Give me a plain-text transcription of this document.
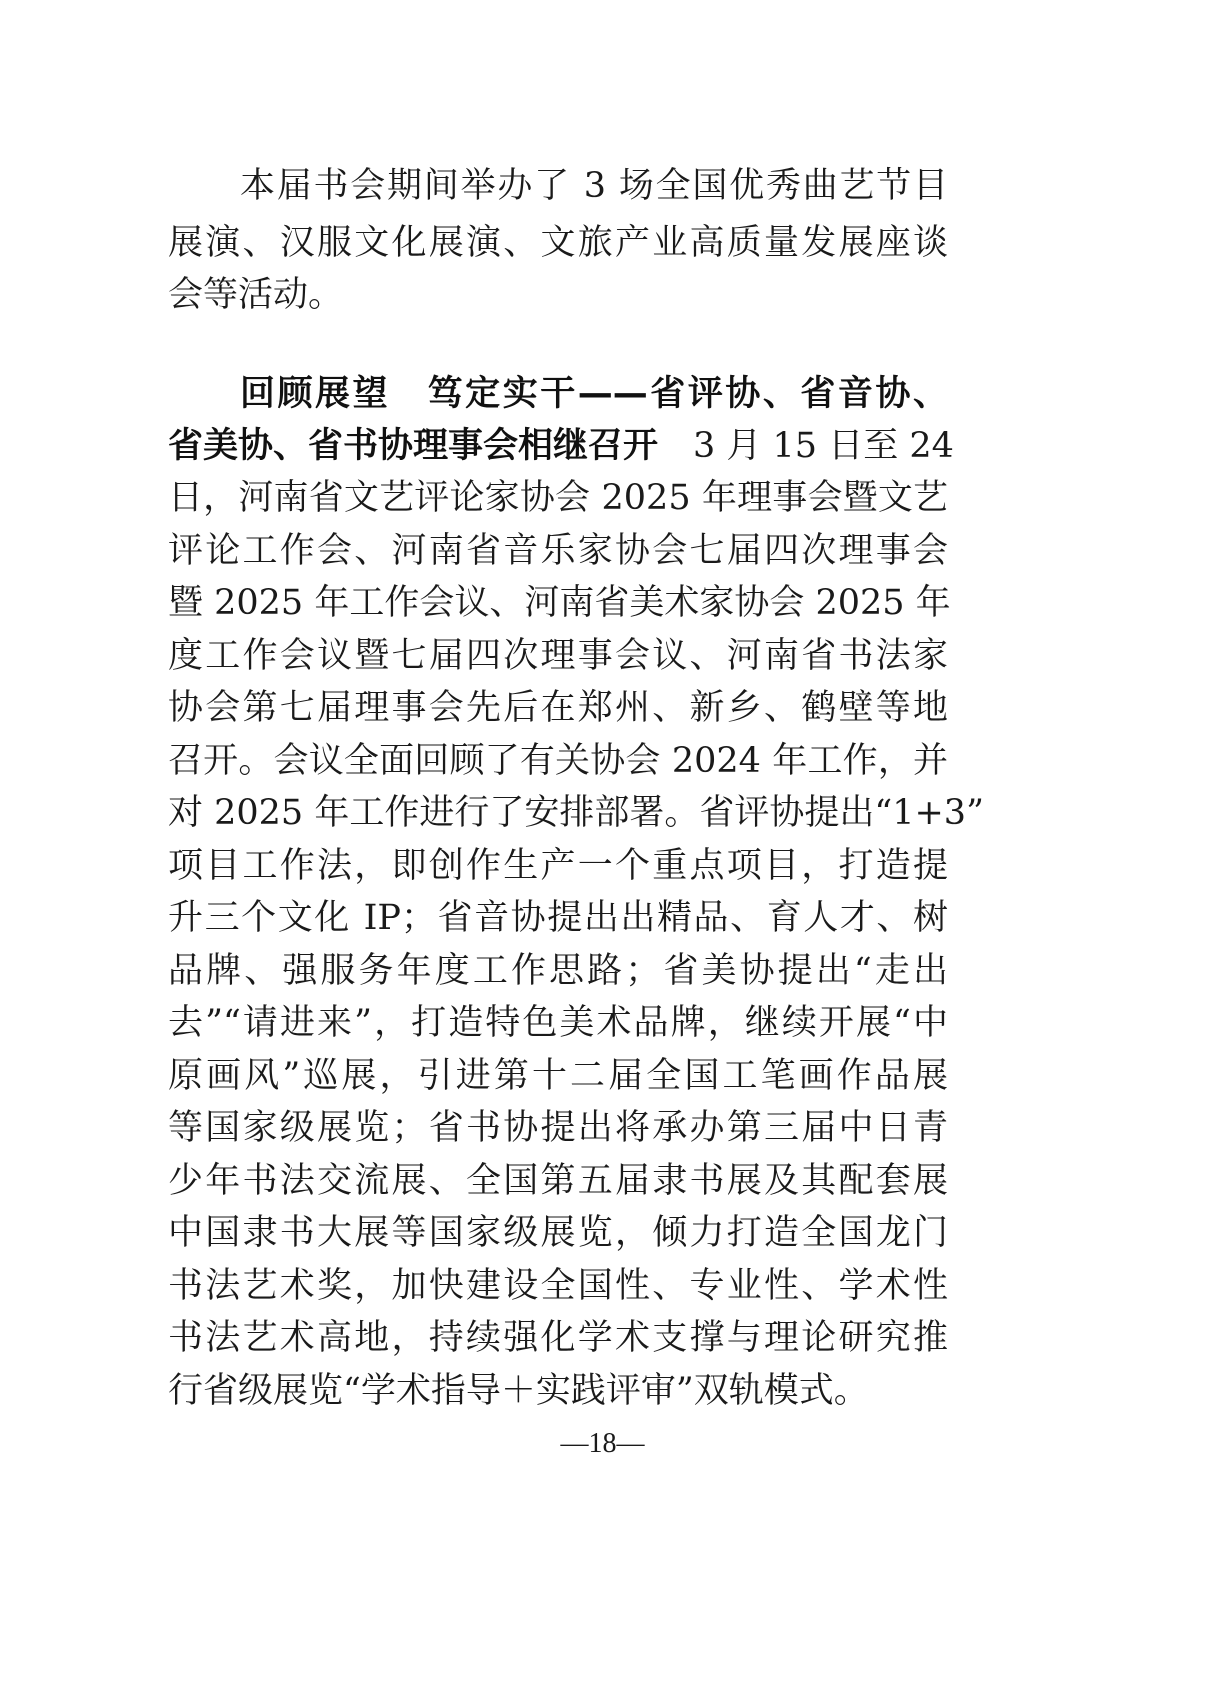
本届书会期间举办了 3 场全国优秀曲艺节目
展演、汉服文化展演、文旅产业高质量发展座谈
会等活动。
回顾展望　笃定实干——省评协、省音协、
省美协、省书协理事会相继召开　3 月 15 日至 24
日，河南省文艺评论家协会 2025 年理事会暨文艺
评论工作会、河南省音乐家协会七届四次理事会
暨 2025 年工作会议、河南省美术家协会 2025 年
度工作会议暨七届四次理事会议、河南省书法家
协会第七届理事会先后在郑州、新乡、鹤壁等地
召开。会议全面回顾了有关协会 2024 年工作，并
对 2025 年工作进行了安排部署。省评协提出“1+3”
项目工作法，即创作生产一个重点项目，打造提
升三个文化 IP；省音协提出出精品、育人才、树
品牌、强服务年度工作思路；省美协提出“走出
去”“请进来”，打造特色美术品牌，继续开展“中
原画风”巡展，引进第十二届全国工笔画作品展
等国家级展览；省书协提出将承办第三届中日青
少年书法交流展、全国第五届隶书展及其配套展
中国隶书大展等国家级展览，倾力打造全国龙门
书法艺术奖，加快建设全国性、专业性、学术性
书法艺术高地，持续强化学术支撑与理论研究推
行省级展览“学术指导＋实践评审”双轨模式。
—18—
